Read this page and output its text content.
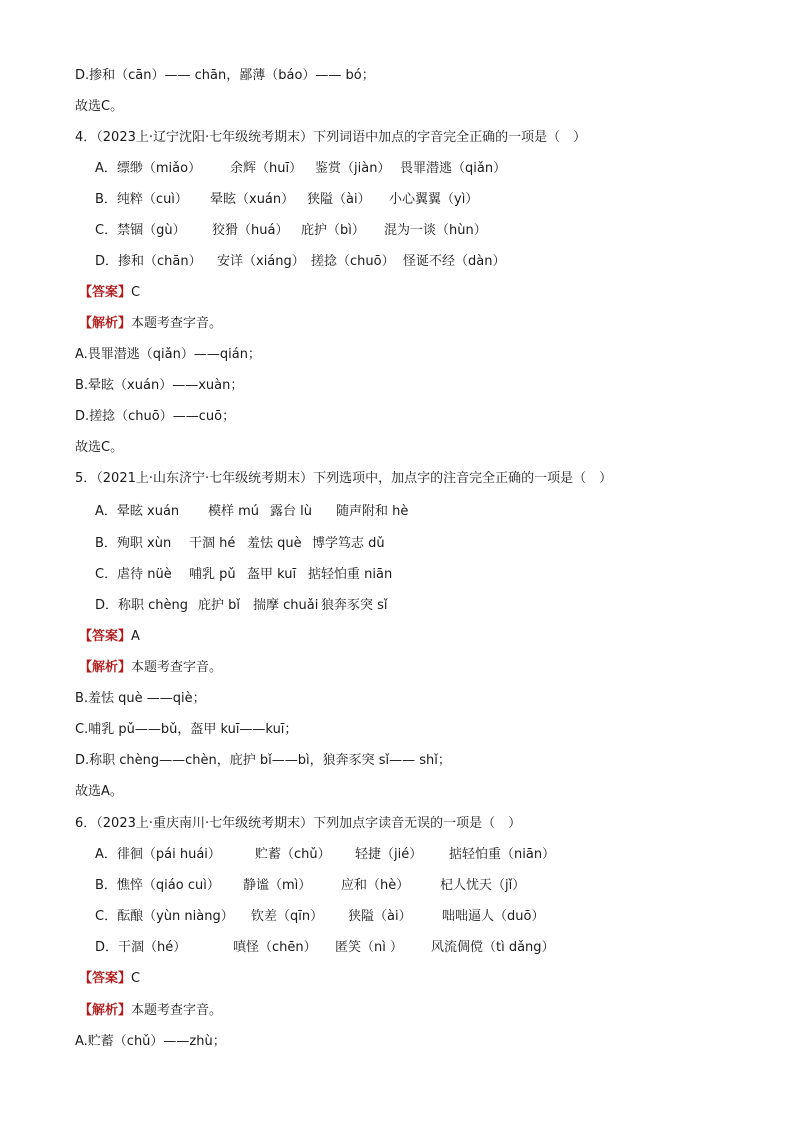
D.掺和（cān）—— chān，鄙薄（báo）—— bó；
故选C。
4．（2023上·辽宁沈阳·七年级统考期末）下列词语中加点的字音完全正确的一项是（　）
A．缥缈（miǎo） 余辉（huī） 鉴赏（jiàn） 畏罪潜逃（qiǎn）
B．纯粹（cuì） 晕眩（xuán） 狭隘（ài） 小心翼翼（yì）
C．禁锢（gù） 狡猾（huá） 庇护（bì） 混为一谈（hùn）
D．掺和（chān） 安详（xiáng） 搓捻（chuō） 怪诞不经（dàn）
【答案】C
【解析】本题考查字音。
A.畏罪潜逃（qiǎn）——qián；
B.晕眩（xuán）——xuàn；
D.搓捻（chuō）——cuō；
故选C。
5．（2021上·山东济宁·七年级统考期末）下列选项中，加点字的注音完全正确的一项是（　）
A．晕眩 xuán 模样 mú 露台 lù 随声附和 hè
B．殉职 xùn 干涸 hé 羞怯 què 博学笃志 dǔ
C．虐待 nüè 哺乳 pǔ 盔甲 kuī 掂轻怕重 niān
D．称职 chèng 庇护 bǐ 揣摩 chuǎi 狼奔豕突 sǐ
【答案】A
【解析】本题考查字音。
B.羞怯 què ——qiè；
C.哺乳 pǔ——bǔ，盔甲 kuī——kuī；
D.称职 chèng——chèn，庇护 bǐ——bì，狼奔豕突 sǐ—— shǐ；
故选A。
6．（2023上·重庆南川·七年级统考期末）下列加点字读音无误的一项是（　）
A．徘徊（pái huái）	贮蓄（chǔ） 轻捷（jié） 掂轻怕重（niān）
B．憔悴（qiáo cuì） 静谧（mì） 应和（hè） 杞人忧天（jǐ）
C．酝酿（yùn niàng） 钦差（qīn） 狭隘（ài） 咄咄逼人（duō）
D．干涸（hé）	嗔怪（chēn） 匿笑（nì ） 风流倜傥（tì dǎng）
【答案】C
【解析】本题考查字音。
A.贮蓄（chǔ）——zhù；
